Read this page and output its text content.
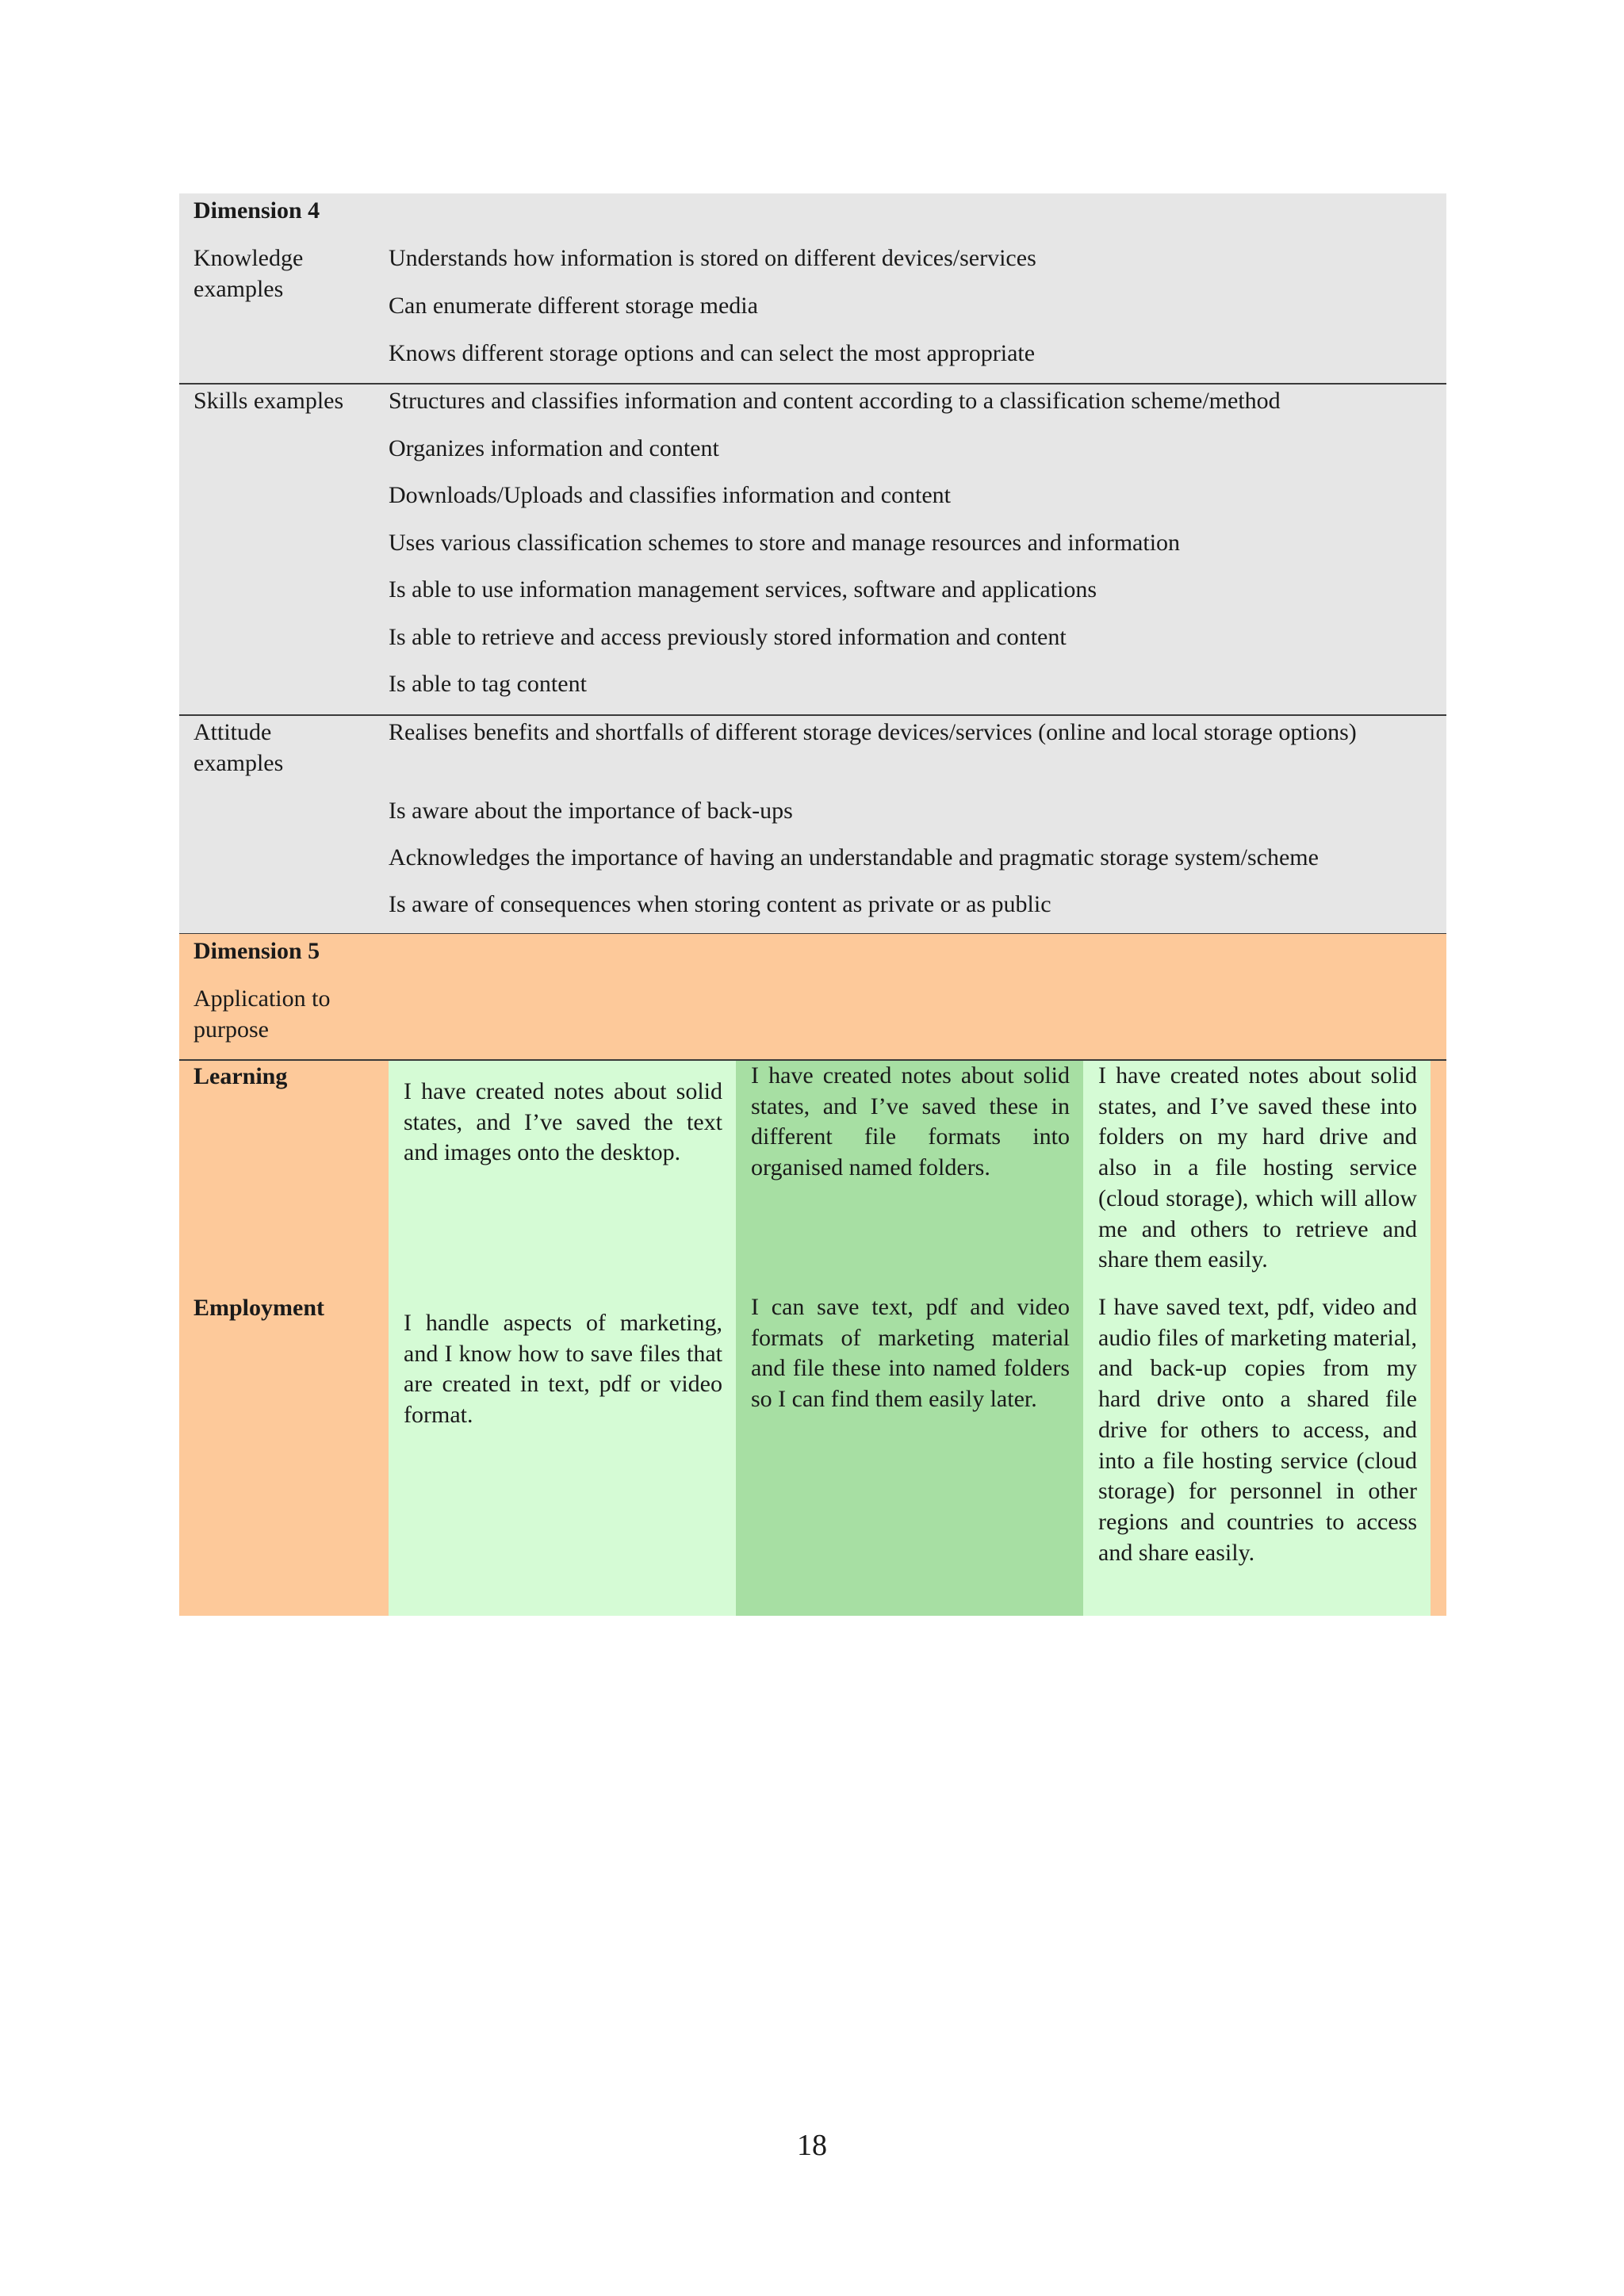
Dimension 4
Knowledge examples
Understands how information is stored on different devices/services
Can enumerate different storage media
Knows different storage options and can select the most appropriate
Skills examples	Structures and classifies information and content according to a classification scheme/method
Organizes information and content
Downloads/Uploads and classifies information and content
Uses various classification schemes to store and manage resources and information
Is able to use information management services, software and applications
Is able to retrieve and access previously stored information and content
Is able to tag content
Attitude examples
Realises benefits and shortfalls of different storage devices/services (online and local storage options)
Is aware about the importance of back-ups
Acknowledges the importance of having an understandable and pragmatic storage system/scheme
Is aware of consequences when storing content as private or as public
Dimension 5
Application to purpose
Learning
I have created notes about solid states, and I’ve saved the text and images onto the desktop.
I have created notes about solid states, and I’ve saved these in different file formats into organised named folders.
I have created notes about solid states, and I’ve saved these into folders on my hard drive and also in a file hosting service (cloud storage), which will allow me and others to retrieve and share them easily.
Employment
I handle aspects of marketing, and I know how to save files that are created in text, pdf or video format.
I can save text, pdf and video formats of marketing material and file these into named folders so I can find them easily later.
I have saved text, pdf, video and audio files of marketing material, and back-up copies from my hard drive onto a shared file drive for others to access, and into a file hosting service (cloud storage) for personnel in other regions and countries to access and share easily.
18
